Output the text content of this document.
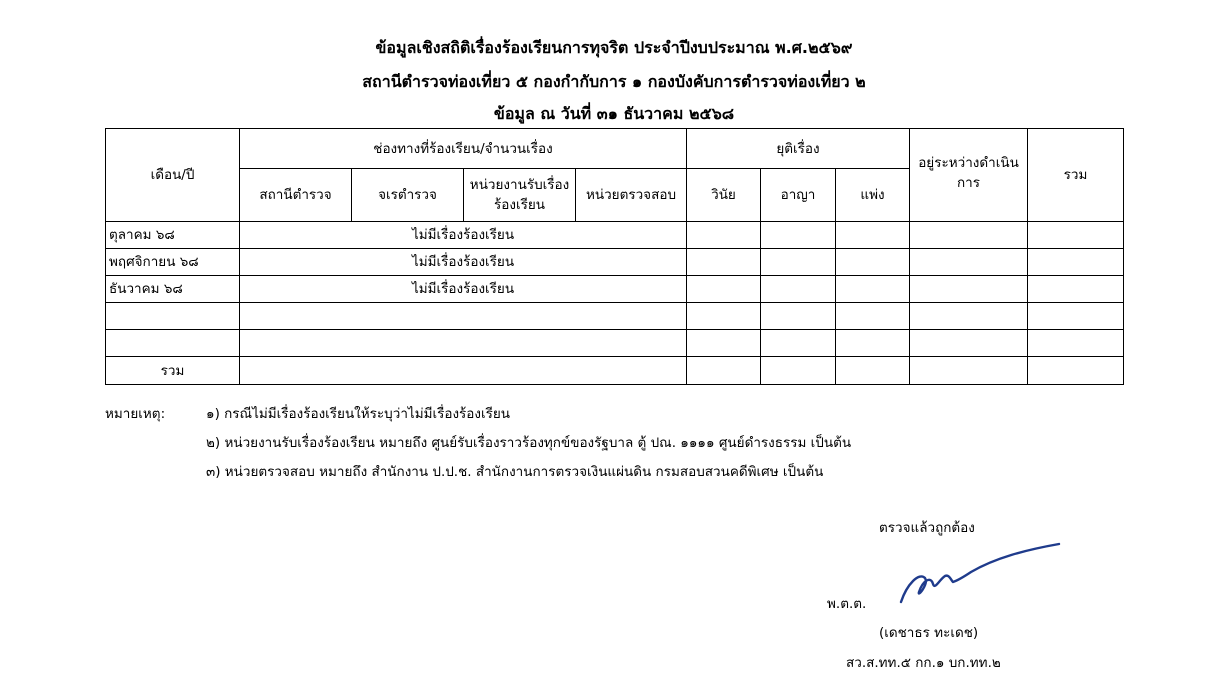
ข้อมูลเชิงสถิติเรื่องร้องเรียนการทุจริต ประจำปีงบประมาณ พ.ศ.๒๕๖๙
สถานีตำรวจท่องเที่ยว ๕ กองกำกับการ ๑ กองบังคับการตำรวจท่องเที่ยว ๒
ข้อมูล ณ วันที่ ๓๑ ธันวาคม ๒๕๖๘
เดือน/ปี	ช่องทางที่ร้องเรียน/จำนวนเรื่อง				ยุติเรื่อง			อยู่ระหว่างดำเนินการ	รวม
	สถานีตำรวจ	จเรตำรวจ	หน่วยงานรับเรื่องร้องเรียน	หน่วยตรวจสอบ	วินัย	อาญา	แพ่ง		
ตุลาคม ๖๘	ไม่มีเรื่องร้องเรียน								
พฤศจิกายน ๖๘	ไม่มีเรื่องร้องเรียน								
ธันวาคม ๖๘	ไม่มีเรื่องร้องเรียน								

รวม									
หมายเหตุ:	๑) กรณีไม่มีเรื่องร้องเรียนให้ระบุว่าไม่มีเรื่องร้องเรียน
๒) หน่วยงานรับเรื่องร้องเรียน หมายถึง ศูนย์รับเรื่องราวร้องทุกข์ของรัฐบาล ตู้ ปณ. ๑๑๑๑ ศูนย์ดำรงธรรม เป็นต้น
๓) หน่วยตรวจสอบ หมายถึง สำนักงาน ป.ป.ช. สำนักงานการตรวจเงินแผ่นดิน กรมสอบสวนคดีพิเศษ เป็นต้น
ตรวจแล้วถูกต้อง
พ.ต.ต.
(เดชาธร ทะเดช)
สว.ส.ทท.๕ กก.๑ บก.ทท.๒
